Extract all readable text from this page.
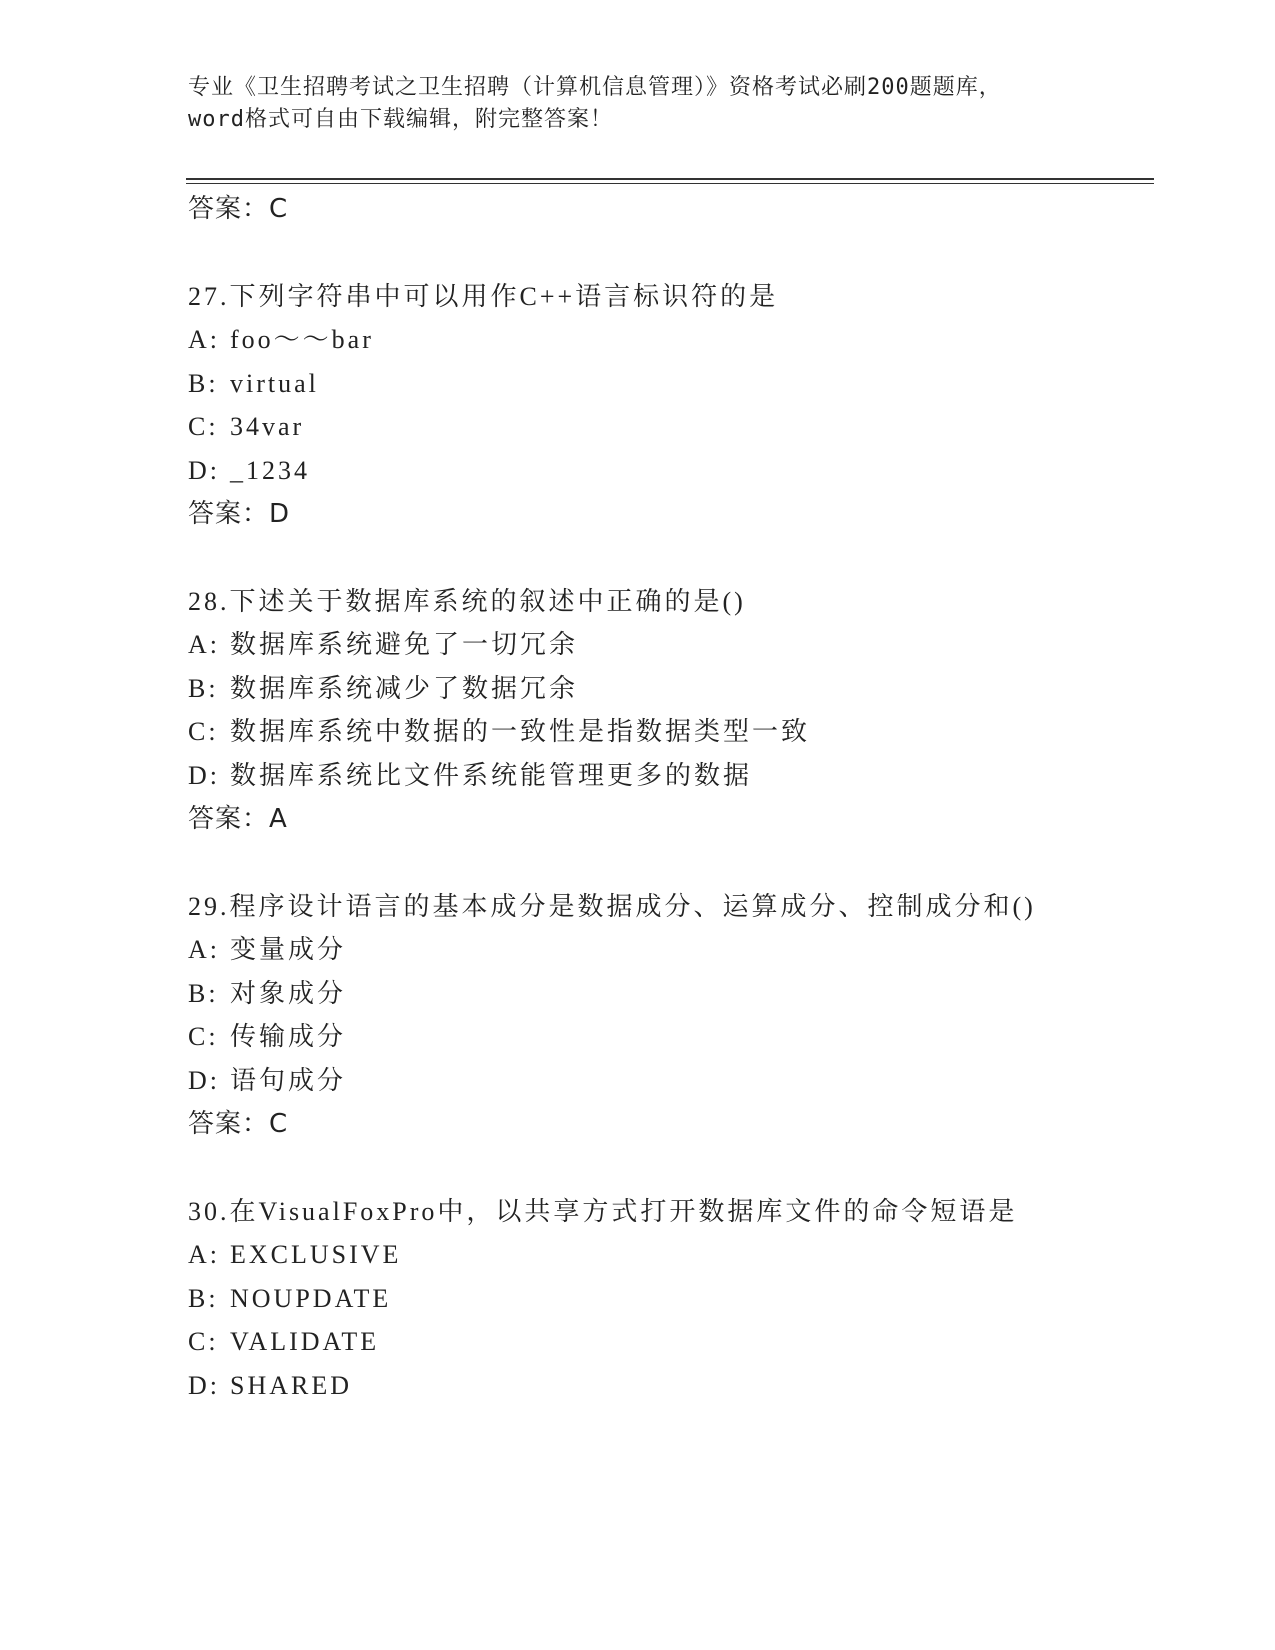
专业《卫生招聘考试之卫生招聘（计算机信息管理）》资格考试必刷200题题库，
word格式可自由下载编辑，附完整答案！
答案：C
27.下列字符串中可以用作C++语言标识符的是
A: foo～～bar
B: virtual
C: 34var
D: _1234
答案：D
28.下述关于数据库系统的叙述中正确的是()
A: 数据库系统避免了一切冗余
B: 数据库系统减少了数据冗余
C: 数据库系统中数据的一致性是指数据类型一致
D: 数据库系统比文件系统能管理更多的数据
答案：A
29.程序设计语言的基本成分是数据成分、运算成分、控制成分和()
A: 变量成分
B: 对象成分
C: 传输成分
D: 语句成分
答案：C
30.在VisualFoxPro中，以共享方式打开数据库文件的命令短语是
A: EXCLUSIVE
B: NOUPDATE
C: VALIDATE
D: SHARED
